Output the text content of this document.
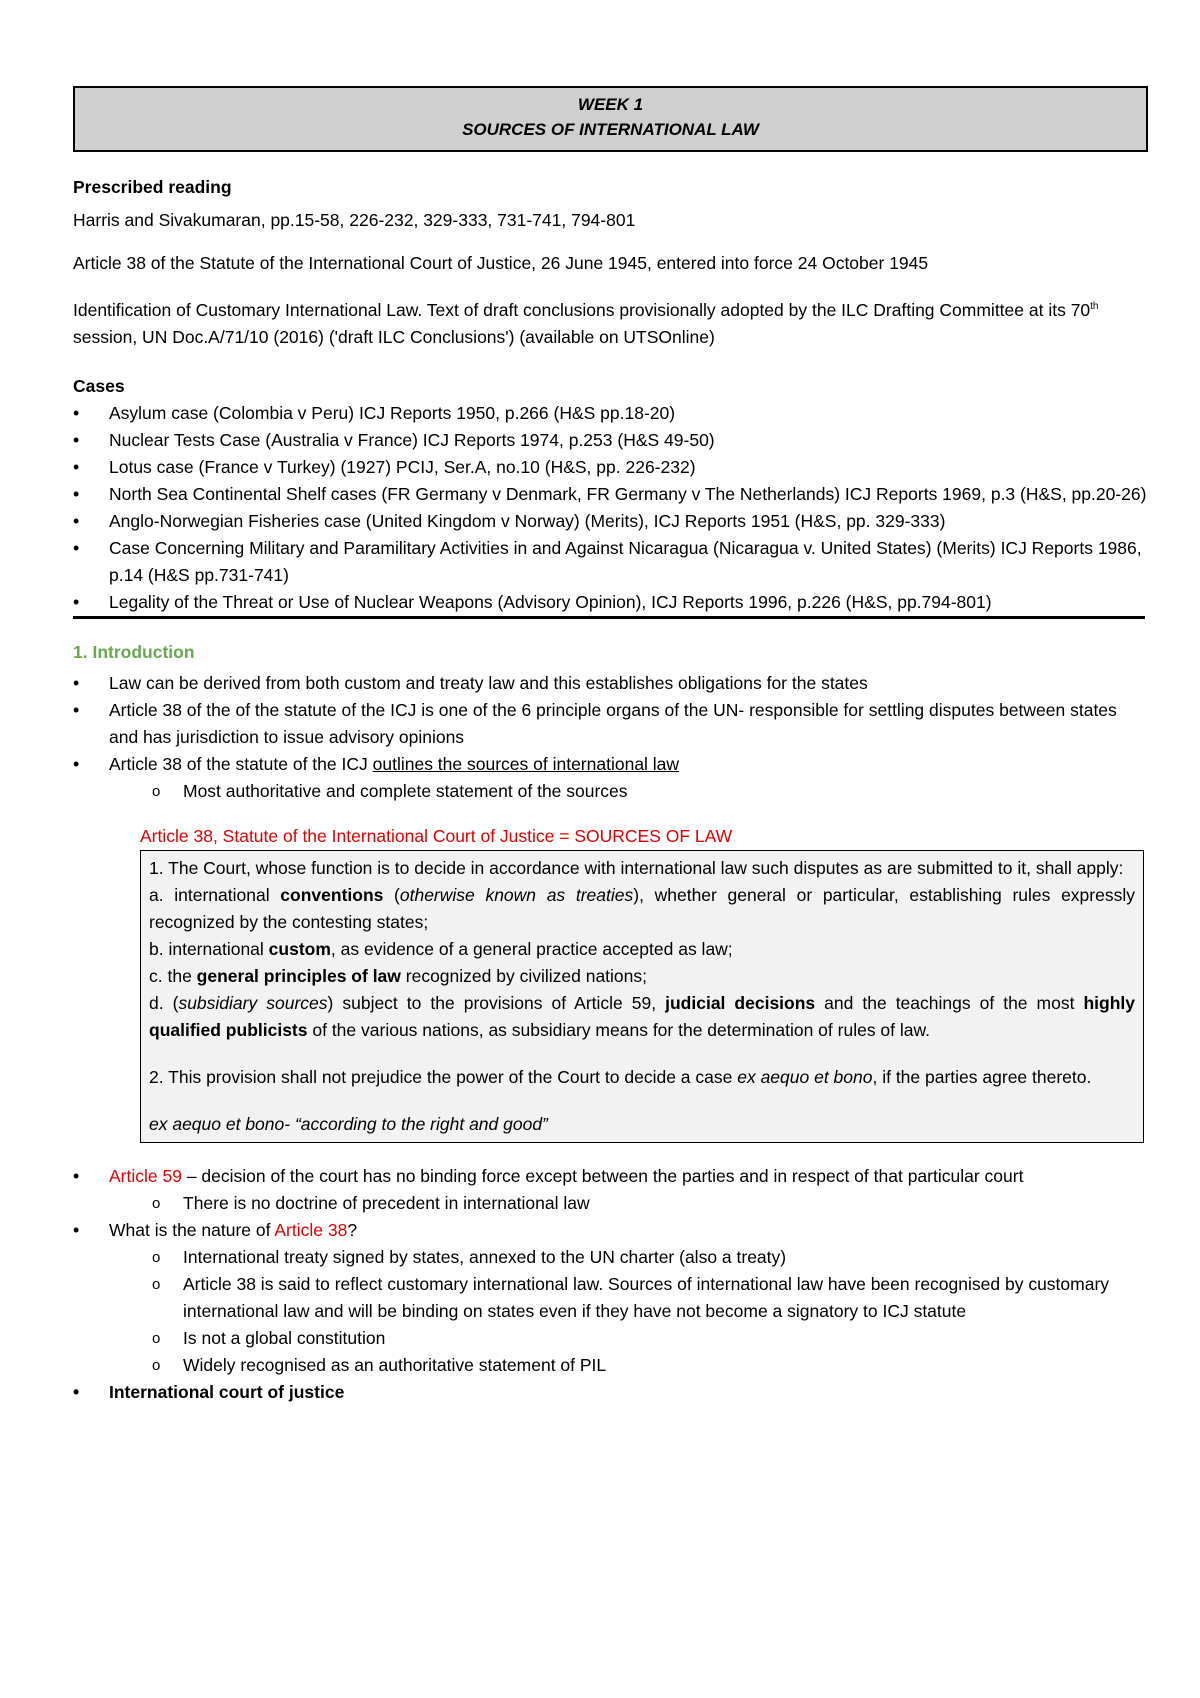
WEEK 1
SOURCES OF INTERNATIONAL LAW

Prescribed reading

Harris and Sivakumaran, pp.15-58, 226-232, 329-333, 731-741, 794-801

Article 38 of the Statute of the International Court of Justice, 26 June 1945, entered into force 24 October 1945

Identification of Customary International Law. Text of draft conclusions provisionally adopted by the ILC Drafting Committee at its 70th session, UN Doc.A/71/10 (2016) ('draft ILC Conclusions') (available on UTSOnline)

Cases

• Asylum case (Colombia v Peru) ICJ Reports 1950, p.266 (H&S pp.18-20)
• Nuclear Tests Case (Australia v France) ICJ Reports 1974, p.253 (H&S 49-50)
• Lotus case (France v Turkey) (1927) PCIJ, Ser.A, no.10 (H&S, pp. 226-232)
• North Sea Continental Shelf cases (FR Germany v Denmark, FR Germany v The Netherlands) ICJ Reports 1969, p.3 (H&S, pp.20-26)
• Anglo-Norwegian Fisheries case (United Kingdom v Norway) (Merits), ICJ Reports 1951 (H&S, pp. 329-333)
• Case Concerning Military and Paramilitary Activities in and Against Nicaragua (Nicaragua v. United States) (Merits) ICJ Reports 1986, p.14 (H&S pp.731-741)
• Legality of the Threat or Use of Nuclear Weapons (Advisory Opinion), ICJ Reports 1996, p.226 (H&S, pp.794-801)

1. Introduction

• Law can be derived from both custom and treaty law and this establishes obligations for the states
• Article 38 of the of the statute of the ICJ is one of the 6 principle organs of the UN- responsible for settling disputes between states and has jurisdiction to issue advisory opinions
• Article 38 of the statute of the ICJ outlines the sources of international law
o Most authoritative and complete statement of the sources

Article 38, Statute of the International Court of Justice = SOURCES OF LAW

1. The Court, whose function is to decide in accordance with international law such disputes as are submitted to it, shall apply:

a. international conventions (otherwise known as treaties), whether general or particular, establishing rules expressly recognized by the contesting states;

b. international custom, as evidence of a general practice accepted as law;

c. the general principles of law recognized by civilized nations;

d. (subsidiary sources) subject to the provisions of Article 59, judicial decisions and the teachings of the most highly qualified publicists of the various nations, as subsidiary means for the determination of rules of law.

2. This provision shall not prejudice the power of the Court to decide a case ex aequo et bono, if the parties agree thereto.

ex aequo et bono- “according to the right and good”

• Article 59 – decision of the court has no binding force except between the parties and in respect of that particular court
o There is no doctrine of precedent in international law
• What is the nature of Article 38?
o International treaty signed by states, annexed to the UN charter (also a treaty)
o Article 38 is said to reflect customary international law. Sources of international law have been recognised by customary international law and will be binding on states even if they have not become a signatory to ICJ statute
o Is not a global constitution
o Widely recognised as an authoritative statement of PIL
• International court of justice
